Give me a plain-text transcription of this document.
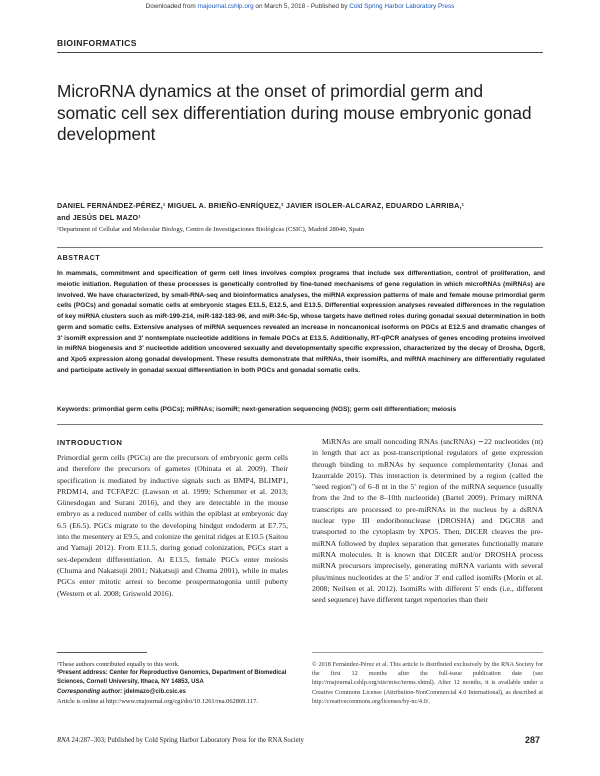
Downloaded from rnajournal.cshlp.org on March 5, 2018 - Published by Cold Spring Harbor Laboratory Press
BIOINFORMATICS
MicroRNA dynamics at the onset of primordial germ and somatic cell sex differentiation during mouse embryonic gonad development
DANIEL FERNÁNDEZ-PÉREZ,¹ MIGUEL A. BRIEÑO-ENRÍQUEZ,² JAVIER ISOLER-ALCARAZ, EDUARDO LARRIBA,¹
and JESÚS DEL MAZO¹
¹Department of Cellular and Molecular Biology, Centro de Investigaciones Biológicas (CSIC), Madrid 28040, Spain
ABSTRACT

In mammals, commitment and specification of germ cell lines involves complex programs that include sex differentiation, control of proliferation, and meiotic initiation. Regulation of these processes is genetically controlled by fine-tuned mechanisms of gene regulation in which microRNAs (miRNAs) are involved. We have characterized, by small-RNA-seq and bioinformatics analyses, the miRNA expression patterns of male and female mouse primordial germ cells (PGCs) and gonadal somatic cells at embryonic stages E11.5, E12.5, and E13.5. Differential expression analyses revealed differences in the regulation of key miRNA clusters such as miR-199-214, miR-182-183-96, and miR-34c-5p, whose targets have defined roles during gonadal sexual determination in both germ and somatic cells. Extensive analyses of miRNA sequences revealed an increase in noncanonical isoforms on PGCs at E12.5 and dramatic changes of 3′ isomiR expression and 3′ nontemplate nucleotide additions in female PGCs at E13.5. Additionally, RT-qPCR analyses of genes encoding proteins involved in miRNA biogenesis and 3′ nucleotide addition uncovered sexually and developmentally specific expression, characterized by the decay of Drosha, Dgcr8, and Xpo5 expression along gonadal development. These results demonstrate that miRNAs, their isomiRs, and miRNA machinery are differentially regulated and participate actively in gonadal sexual differentiation in both PGCs and gonadal somatic cells.

Keywords: primordial germ cells (PGCs); miRNAs; isomiR; next-generation sequencing (NGS); germ cell differentiation; meiosis
INTRODUCTION

Primordial germ cells (PGCs) are the precursors of embryonic germ cells and therefore the precursors of gametes (Ohinata et al. 2009). Their specification is mediated by inductive signals such as BMP4, BLIMP1, PRDM14, and TCFAP2C (Lawson et al. 1999; Schemmer et al. 2013; Günesdogan and Surani 2016), and they are detectable in the mouse embryo as a reduced number of cells within the epiblast at embryonic day 6.5 (E6.5). PGCs migrate to the developing hindgut endoderm at E7.75, into the mesentery at E9.5, and colonize the genital ridges at E10.5 (Saitou and Yamaji 2012). From E11.5, during gonad colonization, PGCs start a sex-dependent differentiation. At E13.5, female PGCs enter meiosis (Chuma and Nakatsuji 2001; Nakatsuji and Chuma 2001), while in males PGCs enter mitotic arrest to become prospermatogonia until puberty (Western et al. 2008; Griswold 2016).

MiRNAs are small noncoding RNAs (sncRNAs) ∼22 nucleotides (nt) in length that act as post-transcriptional regulators of gene expression through binding to mRNAs by sequence complementarity (Jonas and Izaurralde 2015). This interaction is determined by a region (called the "seed region") of 6–8 nt in the 5′ region of the miRNA sequence (usually from the 2nd to the 8–10th nucleotide) (Bartel 2009). Primary miRNA transcripts are processed to pre-miRNAs in the nucleus by a dsRNA nuclear type III endoribonuclease (DROSHA) and DGCR8 and transported to the cytoplasm by XPO5. Then, DICER cleaves the pre-miRNA followed by duplex separation that generates functionally mature miRNA molecules. It is known that DICER and/or DROSHA process miRNA precursors imprecisely, generating miRNA variants with several plus/minus nucleotides at the 5′ and/or 3′ end called isomiRs (Morin et al. 2008; Neilsen et al. 2012). IsomiRs with different 5′ ends (i.e., different seed sequence) have different target repertories than their

¹These authors contributed equally to this work.
²Present address: Center for Reproductive Genomics, Department of Biomedical Sciences, Cornell University, Ithaca, NY 14853, USA
Corresponding author: jdelmazo@cib.csic.es
Article is online at http://www.rnajournal.org/cgi/doi/10.1261/rna.062869.117.
© 2018 Fernández-Pérez et al. This article is distributed exclusively by the RNA Society for the first 12 months after the full-issue publication date (see http://rnajournal.cshlp.org/site/misc/terms.xhtml). After 12 months, it is available under a Creative Commons License (Attribution-NonCommercial 4.0 International), as described at http://creativecommons.org/licenses/by-nc/4.0/.
RNA 24:287–303; Published by Cold Spring Harbor Laboratory Press for the RNA Society	287
